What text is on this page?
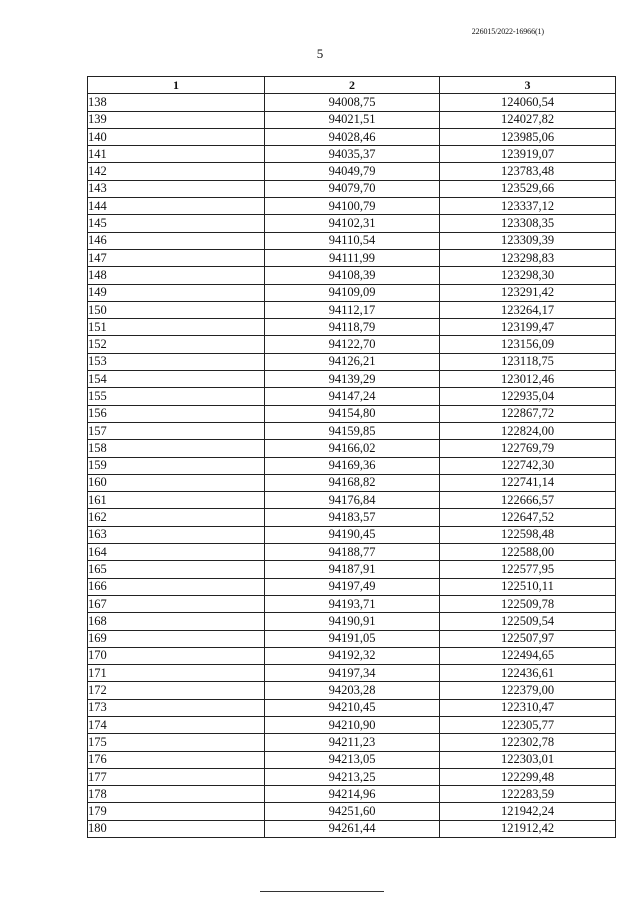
226015/2022-16966(1)
5
1	2	3
138	94008,75	124060,54
139	94021,51	124027,82
140	94028,46	123985,06
141	94035,37	123919,07
142	94049,79	123783,48
143	94079,70	123529,66
144	94100,79	123337,12
145	94102,31	123308,35
146	94110,54	123309,39
147	94111,99	123298,83
148	94108,39	123298,30
149	94109,09	123291,42
150	94112,17	123264,17
151	94118,79	123199,47
152	94122,70	123156,09
153	94126,21	123118,75
154	94139,29	123012,46
155	94147,24	122935,04
156	94154,80	122867,72
157	94159,85	122824,00
158	94166,02	122769,79
159	94169,36	122742,30
160	94168,82	122741,14
161	94176,84	122666,57
162	94183,57	122647,52
163	94190,45	122598,48
164	94188,77	122588,00
165	94187,91	122577,95
166	94197,49	122510,11
167	94193,71	122509,78
168	94190,91	122509,54
169	94191,05	122507,97
170	94192,32	122494,65
171	94197,34	122436,61
172	94203,28	122379,00
173	94210,45	122310,47
174	94210,90	122305,77
175	94211,23	122302,78
176	94213,05	122303,01
177	94213,25	122299,48
178	94214,96	122283,59
179	94251,60	121942,24
180	94261,44	121912,42
